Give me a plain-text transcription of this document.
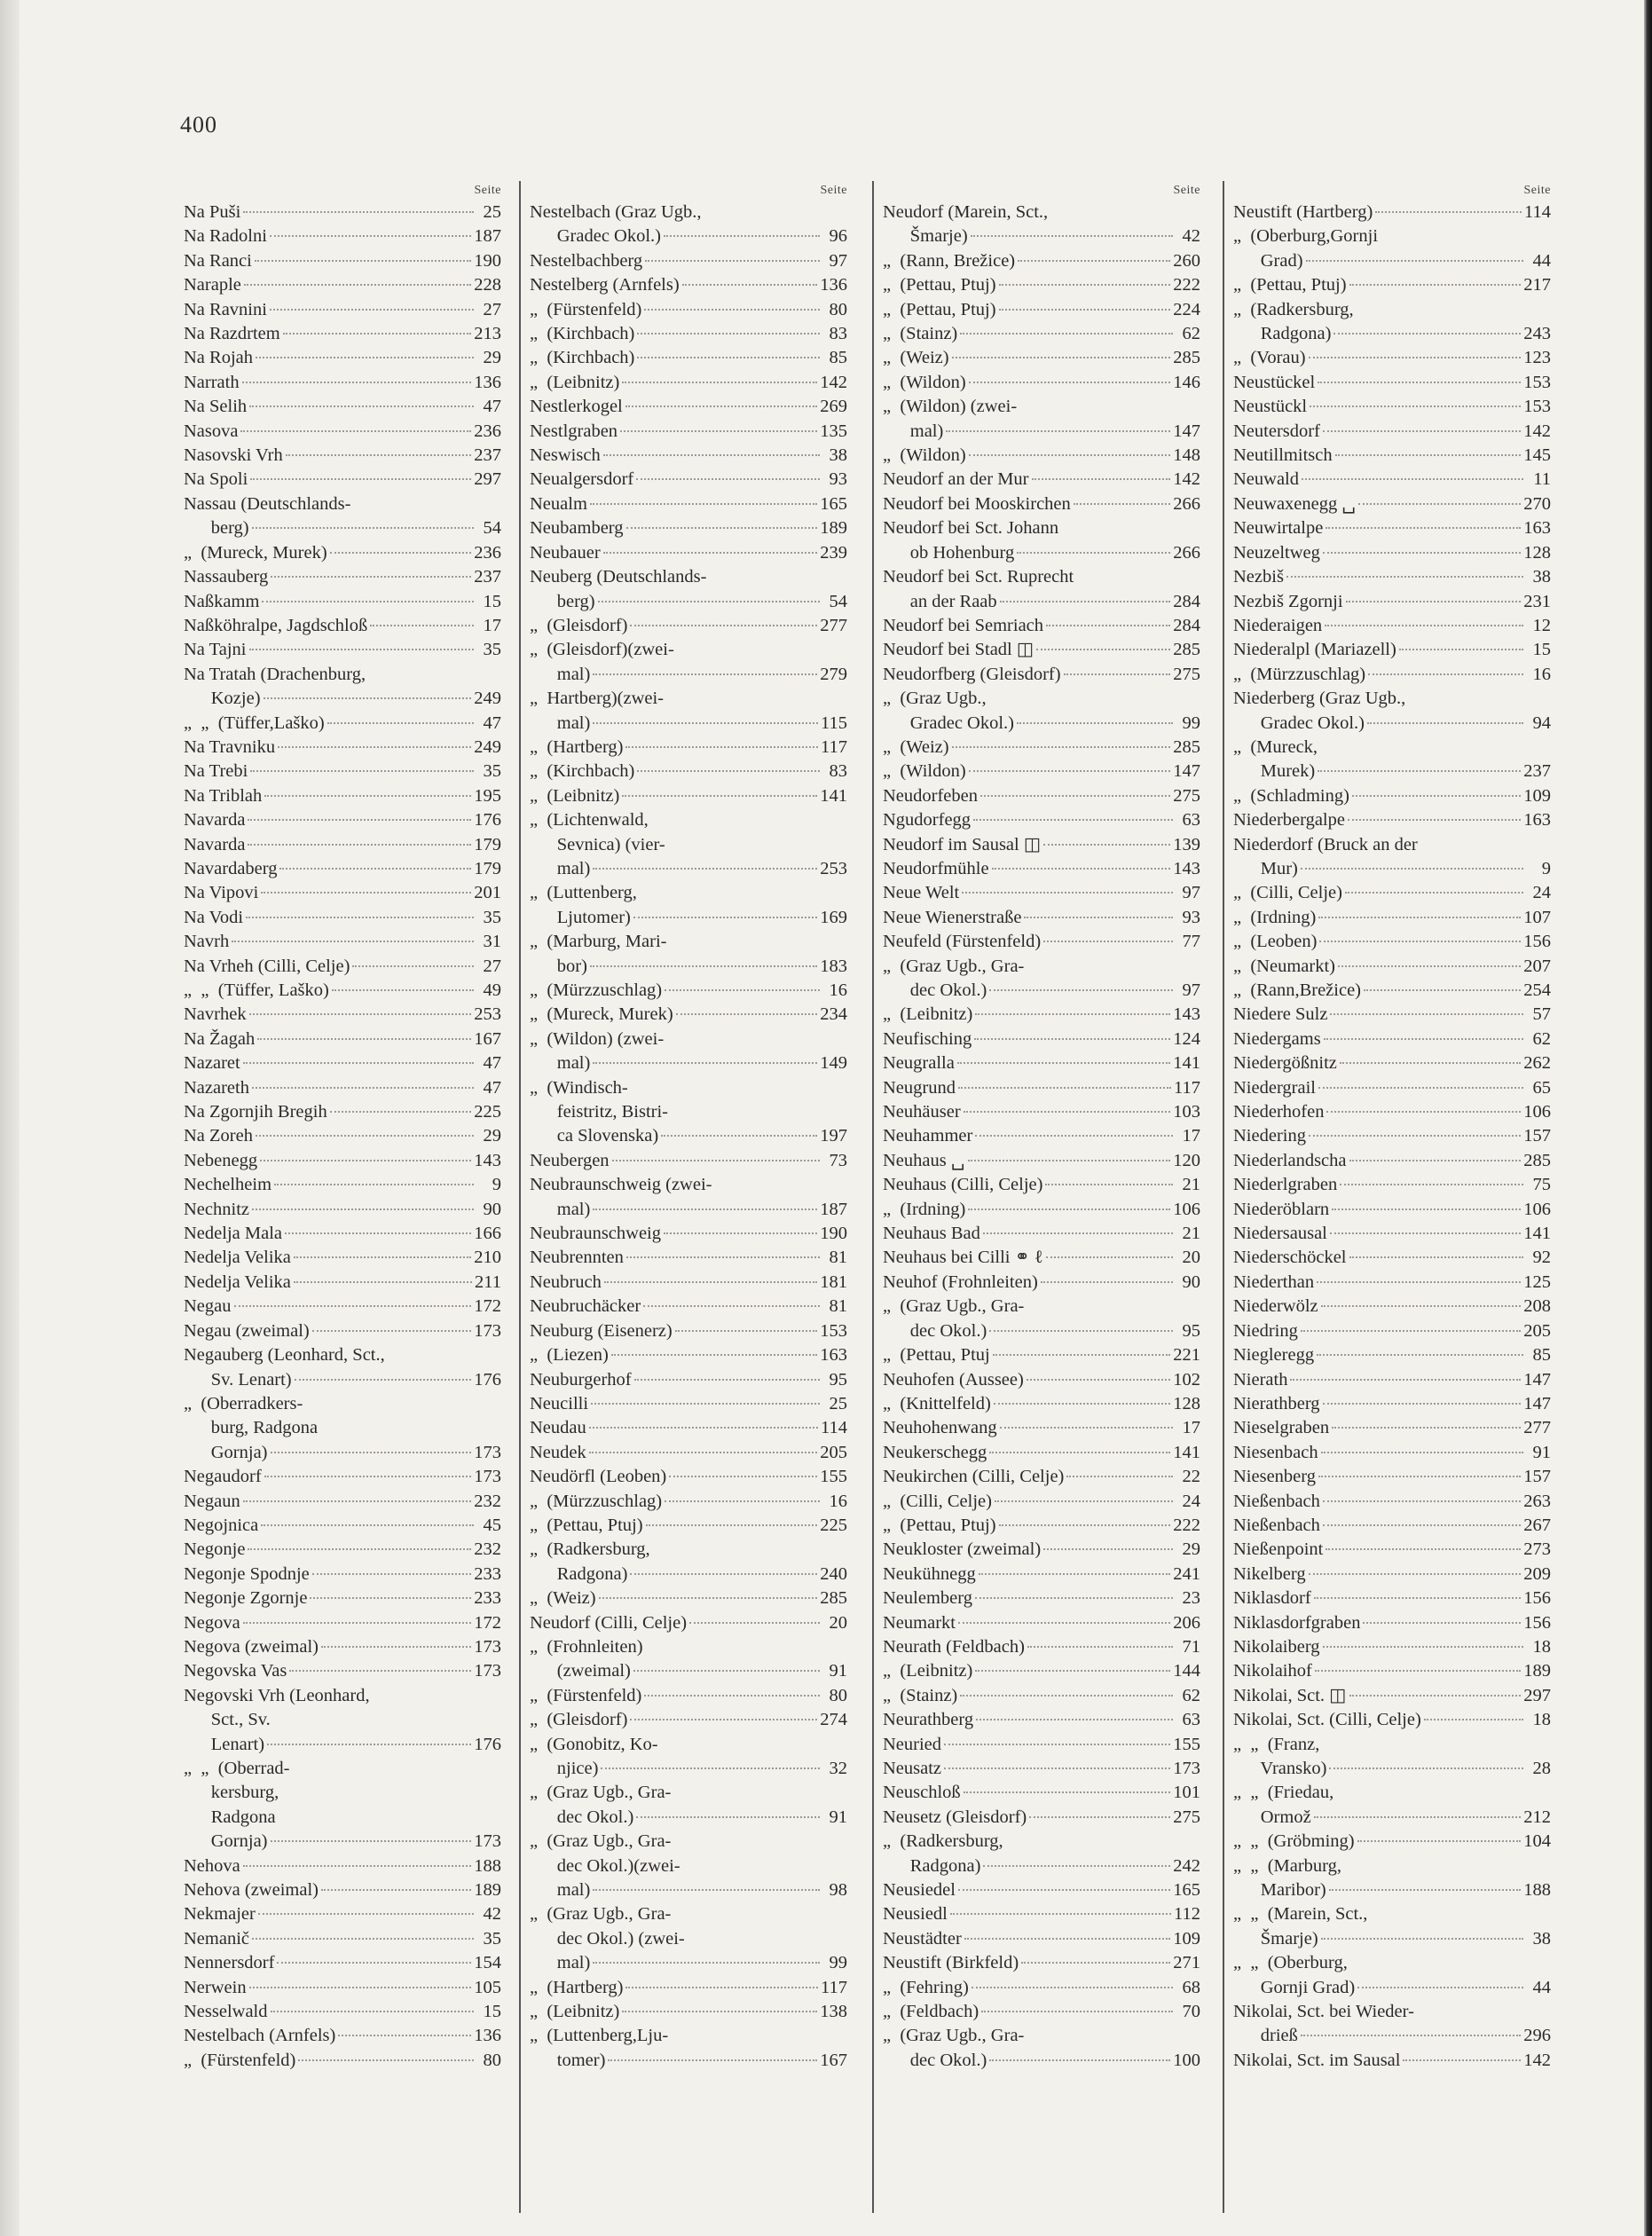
400
Seite
Na Puši	25
Na Radolni	187
Na Ranci	190
Naraple	228
Na Ravnini	27
Na Razdrtem	213
Na Rojah	29
Narrath	136
Na Selih	47
Nasova	236
Nasovski Vrh	237
Na Spoli	297
Nassau (Deutschlands-
berg)	54
„  (Mureck, Murek)	236
Nassauberg	237
Naßkamm	15
Naßköhralpe, Jagdschloß	17
Na Tajni	35
Na Tratah (Drachenburg,
Kozje)	249
„  „  (Tüffer,Laško)	47
Na Travniku	249
Na Trebi	35
Na Triblah	195
Navarda	176
Navarda	179
Navardaberg	179
Na Vipovi	201
Na Vodi	35
Navrh	31
Na Vrheh (Cilli, Celje)	27
„  „  (Tüffer, Laško)	49
Navrhek	253
Na Žagah	167
Nazaret	47
Nazareth	47
Na Zgornjih Bregih	225
Na Zoreh	29
Nebenegg	143
Nechelheim	9
Nechnitz	90
Nedelja Mala	166
Nedelja Velika	210
Nedelja Velika	211
Negau	172
Negau (zweimal)	173
Negauberg (Leonhard, Sct.,
Sv. Lenart)	176
„  (Oberradkers-
burg, Radgona
Gornja)	173
Negaudorf	173
Negaun	232
Negojnica	45
Negonje	232
Negonje Spodnje	233
Negonje Zgornje	233
Negova	172
Negova (zweimal)	173
Negovska Vas	173
Negovski Vrh (Leonhard,
Sct., Sv.
Lenart)	176
„  „  (Oberrad-
kersburg,
Radgona
Gornja)	173
Nehova	188
Nehova (zweimal)	189
Nekmajer	42
Nemanič	35
Nennersdorf	154
Nerwein	105
Nesselwald	15
Nestelbach (Arnfels)	136
„  (Fürstenfeld)	80
Seite
Nestelbach (Graz Ugb.,
Gradec Okol.)	96
Nestelbachberg	97
Nestelberg (Arnfels)	136
„  (Fürstenfeld)	80
„  (Kirchbach)	83
„  (Kirchbach)	85
„  (Leibnitz)	142
Nestlerkogel	269
Nestlgraben	135
Neswisch	38
Neualgersdorf	93
Neualm	165
Neubamberg	189
Neubauer	239
Neuberg (Deutschlands-
berg)	54
„  (Gleisdorf)	277
„  (Gleisdorf)(zwei-
mal)	279
„  Hartberg)(zwei-
mal)	115
„  (Hartberg)	117
„  (Kirchbach)	83
„  (Leibnitz)	141
„  (Lichtenwald,
Sevnica) (vier-
mal)	253
„  (Luttenberg,
Ljutomer)	169
„  (Marburg, Mari-
bor)	183
„  (Mürzzuschlag)	16
„  (Mureck, Murek)	234
„  (Wildon) (zwei-
mal)	149
„  (Windisch-
feistritz, Bistri-
ca Slovenska)	197
Neubergen	73
Neubraunschweig (zwei-
mal)	187
Neubraunschweig	190
Neubrennten	81
Neubruch	181
Neubruchäcker	81
Neuburg (Eisenerz)	153
„  (Liezen)	163
Neuburgerhof	95
Neucilli	25
Neudau	114
Neudek	205
Neudörfl (Leoben)	155
„  (Mürzzuschlag)	16
„  (Pettau, Ptuj)	225
„  (Radkersburg,
Radgona)	240
„  (Weiz)	285
Neudorf (Cilli, Celje)	20
„  (Frohnleiten)
(zweimal)	91
„  (Fürstenfeld)	80
„  (Gleisdorf)	274
„  (Gonobitz, Ko-
njice)	32
„  (Graz Ugb., Gra-
dec Okol.)	91
„  (Graz Ugb., Gra-
dec Okol.)(zwei-
mal)	98
„  (Graz Ugb., Gra-
dec Okol.) (zwei-
mal)	99
„  (Hartberg)	117
„  (Leibnitz)	138
„  (Luttenberg,Lju-
tomer)	167
Seite
Neudorf (Marein, Sct.,
Šmarje)	42
„  (Rann, Brežice)	260
„  (Pettau, Ptuj)	222
„  (Pettau, Ptuj)	224
„  (Stainz)	62
„  (Weiz)	285
„  (Wildon)	146
„  (Wildon) (zwei-
mal)	147
„  (Wildon)	148
Neudorf an der Mur	142
Neudorf bei Mooskirchen	266
Neudorf bei Sct. Johann
ob Hohenburg	266
Neudorf bei Sct. Ruprecht
an der Raab	284
Neudorf bei Semriach	284
Neudorf bei Stadl ◫	285
Neudorfberg (Gleisdorf)	275
„  (Graz Ugb.,
Gradec Okol.)	99
„  (Weiz)	285
„  (Wildon)	147
Neudorfeben	275
Ngudorfegg	63
Neudorf im Sausal ◫	139
Neudorfmühle	143
Neue Welt	97
Neue Wienerstraße	93
Neufeld (Fürstenfeld)	77
„  (Graz Ugb., Gra-
dec Okol.)	97
„  (Leibnitz)	143
Neufisching	124
Neugralla	141
Neugrund	117
Neuhäuser	103
Neuhammer	17
Neuhaus ␣	120
Neuhaus (Cilli, Celje)	21
„  (Irdning)	106
Neuhaus Bad	21
Neuhaus bei Cilli ⚭ ℓ	20
Neuhof (Frohnleiten)	90
„  (Graz Ugb., Gra-
dec Okol.)	95
„  (Pettau, Ptuj	221
Neuhofen (Aussee)	102
„  (Knittelfeld)	128
Neuhohenwang	17
Neukerschegg	141
Neukirchen (Cilli, Celje)	22
„  (Cilli, Celje)	24
„  (Pettau, Ptuj)	222
Neukloster (zweimal)	29
Neukühnegg	241
Neulemberg	23
Neumarkt	206
Neurath (Feldbach)	71
„  (Leibnitz)	144
„  (Stainz)	62
Neurathberg	63
Neuried	155
Neusatz	173
Neuschloß	101
Neusetz (Gleisdorf)	275
„  (Radkersburg,
Radgona)	242
Neusiedel	165
Neusiedl	112
Neustädter	109
Neustift (Birkfeld)	271
„  (Fehring)	68
„  (Feldbach)	70
„  (Graz Ugb., Gra-
dec Okol.)	100
Seite
Neustift (Hartberg)	114
„  (Oberburg,Gornji
Grad)	44
„  (Pettau, Ptuj)	217
„  (Radkersburg,
Radgona)	243
„  (Vorau)	123
Neustückel	153
Neustückl	153
Neutersdorf	142
Neutillmitsch	145
Neuwald	11
Neuwaxenegg ␣	270
Neuwirtalpe	163
Neuzeltweg	128
Nezbiš	38
Nezbiš Zgornji	231
Niederaigen	12
Niederalpl (Mariazell)	15
„  (Mürzzuschlag)	16
Niederberg (Graz Ugb.,
Gradec Okol.)	94
„  (Mureck,
Murek)	237
„  (Schladming)	109
Niederbergalpe	163
Niederdorf (Bruck an der
Mur)	9
„  (Cilli, Celje)	24
„  (Irdning)	107
„  (Leoben)	156
„  (Neumarkt)	207
„  (Rann,Brežice)	254
Niedere Sulz	57
Niedergams	62
Niedergößnitz	262
Niedergrail	65
Niederhofen	106
Niedering	157
Niederlandscha	285
Niederlgraben	75
Niederöblarn	106
Niedersausal	141
Niederschöckel	92
Niederthan	125
Niederwölz	208
Niedring	205
Niegleregg	85
Nierath	147
Nierathberg	147
Nieselgraben	277
Niesenbach	91
Niesenberg	157
Nießenbach	263
Nießenbach	267
Nießenpoint	273
Nikelberg	209
Niklasdorf	156
Niklasdorfgraben	156
Nikolaiberg	18
Nikolaihof	189
Nikolai, Sct. ◫	297
Nikolai, Sct. (Cilli, Celje)	18
„  „  (Franz,
Vransko)	28
„  „  (Friedau,
Ormož	212
„  „  (Gröbming)	104
„  „  (Marburg,
Maribor)	188
„  „  (Marein, Sct.,
Šmarje)	38
„  „  (Oberburg,
Gornji Grad)	44
Nikolai, Sct. bei Wieder-
drieß	296
Nikolai, Sct. im Sausal	142
